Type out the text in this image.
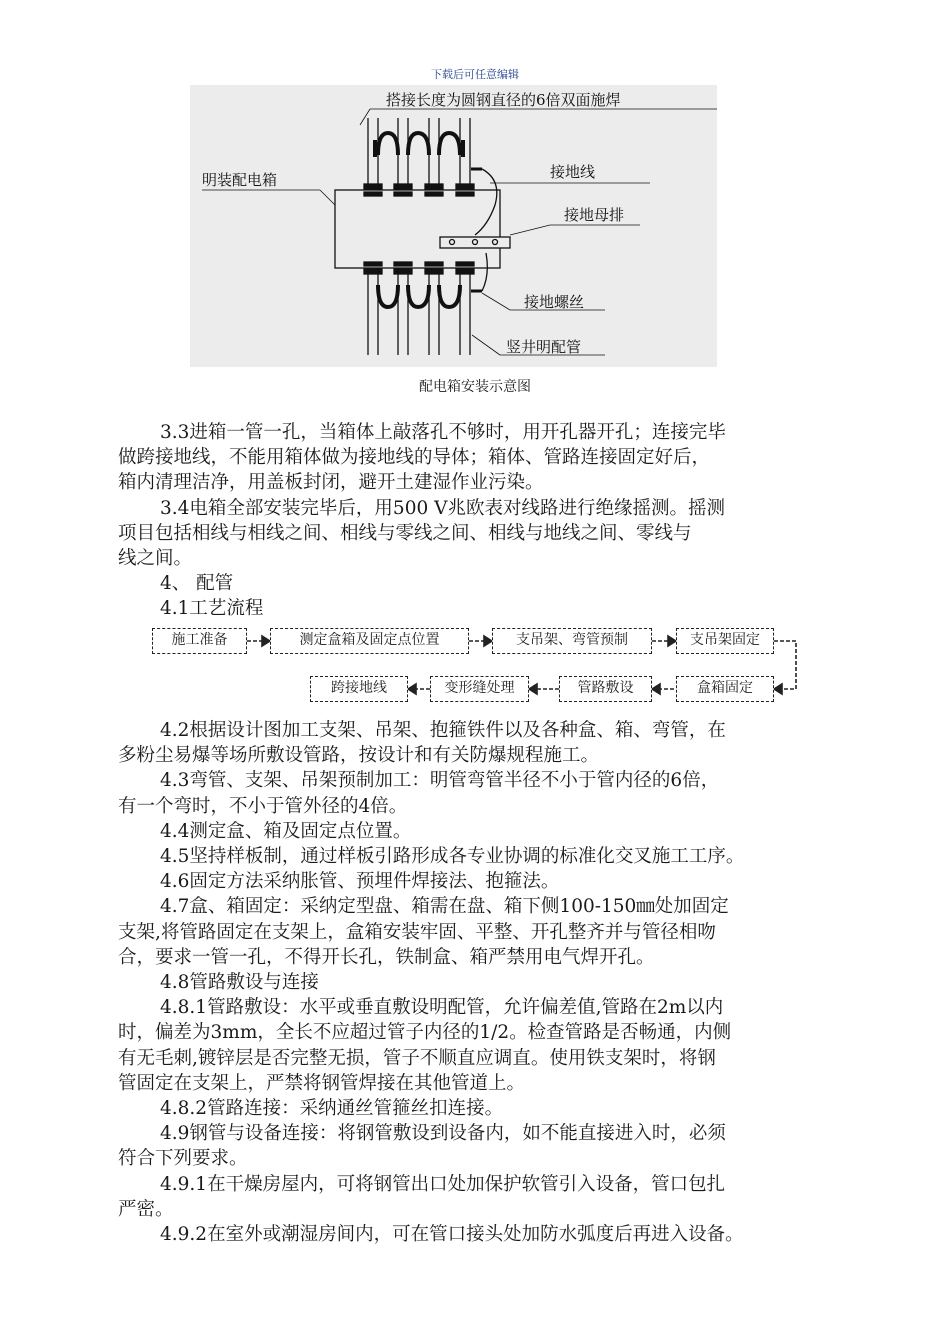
下载后可任意编辑
搭接长度为圆钢直径的6倍双面施焊
明装配电箱	接地线
接地母排
接地螺丝
竖井明配管
配电箱安装示意图

3.3进箱一管一孔，当箱体上敲落孔不够时，用开孔器开孔；连接完毕
做跨接地线，不能用箱体做为接地线的导体；箱体、管路连接固定好后，
箱内清理洁净，用盖板封闭，避开土建湿作业污染。

3.4电箱全部安装完毕后，用500 V兆欧表对线路进行绝缘摇测。摇测
项目包括相线与相线之间、相线与零线之间、相线与地线之间、零线与
线之间。

4、 配管

4.1工艺流程

施工准备	测定盒箱及固定点位置	支吊架、弯管预制	支吊架固定
盒箱固定
管路敷设
变形缝处理
跨接地线

4.2根据设计图加工支架、吊架、抱箍铁件以及各种盒、箱、弯管，在
多粉尘易爆等场所敷设管路，按设计和有关防爆规程施工。

4.3弯管、支架、吊架预制加工：明管弯管半径不小于管内径的6倍，
有一个弯时，不小于管外径的4倍。

4.4测定盒、箱及固定点位置。

4.5坚持样板制，通过样板引路形成各专业协调的标准化交叉施工工序。

4.6固定方法采纳胀管、预埋件焊接法、抱箍法。

4.7盒、箱固定：采纳定型盘、箱需在盘、箱下侧100-150㎜处加固定
支架,将管路固定在支架上，盒箱安装牢固、平整、开孔整齐并与管径相吻
合，要求一管一孔，不得开长孔，铁制盒、箱严禁用电气焊开孔。

4.8管路敷设与连接

4.8.1管路敷设：水平或垂直敷设明配管，允许偏差值,管路在2m以内
时，偏差为3mm，全长不应超过管子内径的1/2。检查管路是否畅通，内侧
有无毛刺,镀锌层是否完整无损，管子不顺直应调直。使用铁支架时，将钢
管固定在支架上，严禁将钢管焊接在其他管道上。

4.8.2管路连接：采纳通丝管箍丝扣连接。

4.9钢管与设备连接：将钢管敷设到设备内，如不能直接进入时，必须
符合下列要求。

4.9.1在干燥房屋内，可将钢管出口处加保护软管引入设备，管口包扎
严密。

4.9.2在室外或潮湿房间内，可在管口接头处加防水弧度后再进入设备。
